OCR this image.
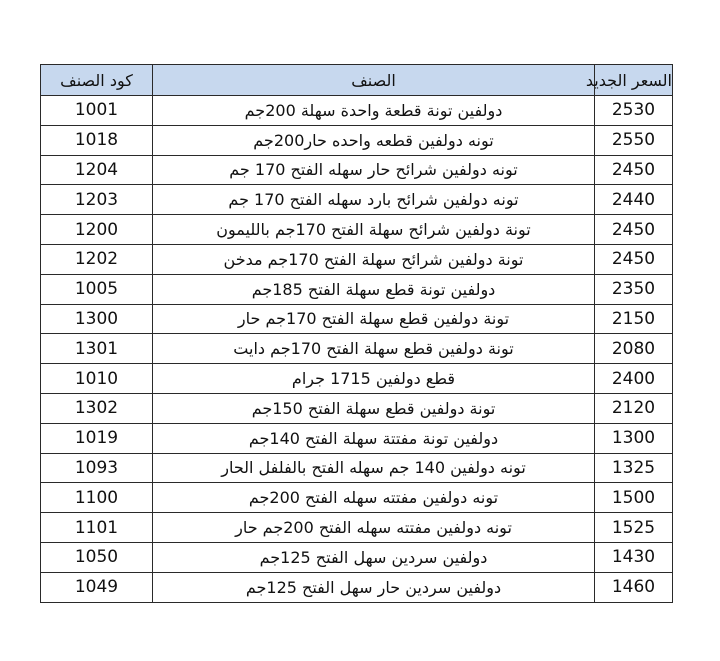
كود الصنف	الصنف	السعر الجديد
1001	دولفين تونة قطعة واحدة سهلة 200جم	2530
1018	تونه دولفين قطعه واحده حار200جم	2550
1204	تونه دولفين شرائح حار سهله الفتح 170 جم	2450
1203	تونه دولفين شرائح بارد سهله الفتح 170 جم	2440
1200	تونة دولفين شرائح سهلة الفتح 170جم بالليمون	2450
1202	تونة دولفين شرائح سهلة الفتح 170جم مدخن	2450
1005	دولفين تونة قطع سهلة الفتح 185جم	2350
1300	تونة دولفين قطع سهلة الفتح 170جم حار	2150
1301	تونة دولفين قطع سهلة الفتح 170جم دايت	2080
1010	قطع دولفين 1715 جرام	2400
1302	تونة دولفين قطع سهلة الفتح 150جم	2120
1019	دولفين تونة مفتتة سهلة الفتح 140جم	1300
1093	تونه دولفين 140 جم سهله الفتح بالفلفل الحار	1325
1100	تونه دولفين مفتته سهله الفتح 200جم	1500
1101	تونه دولفين مفتته سهله الفتح 200جم حار	1525
1050	دولفين سردين سهل الفتح 125جم	1430
1049	دولفين سردين حار سهل الفتح 125جم	1460
